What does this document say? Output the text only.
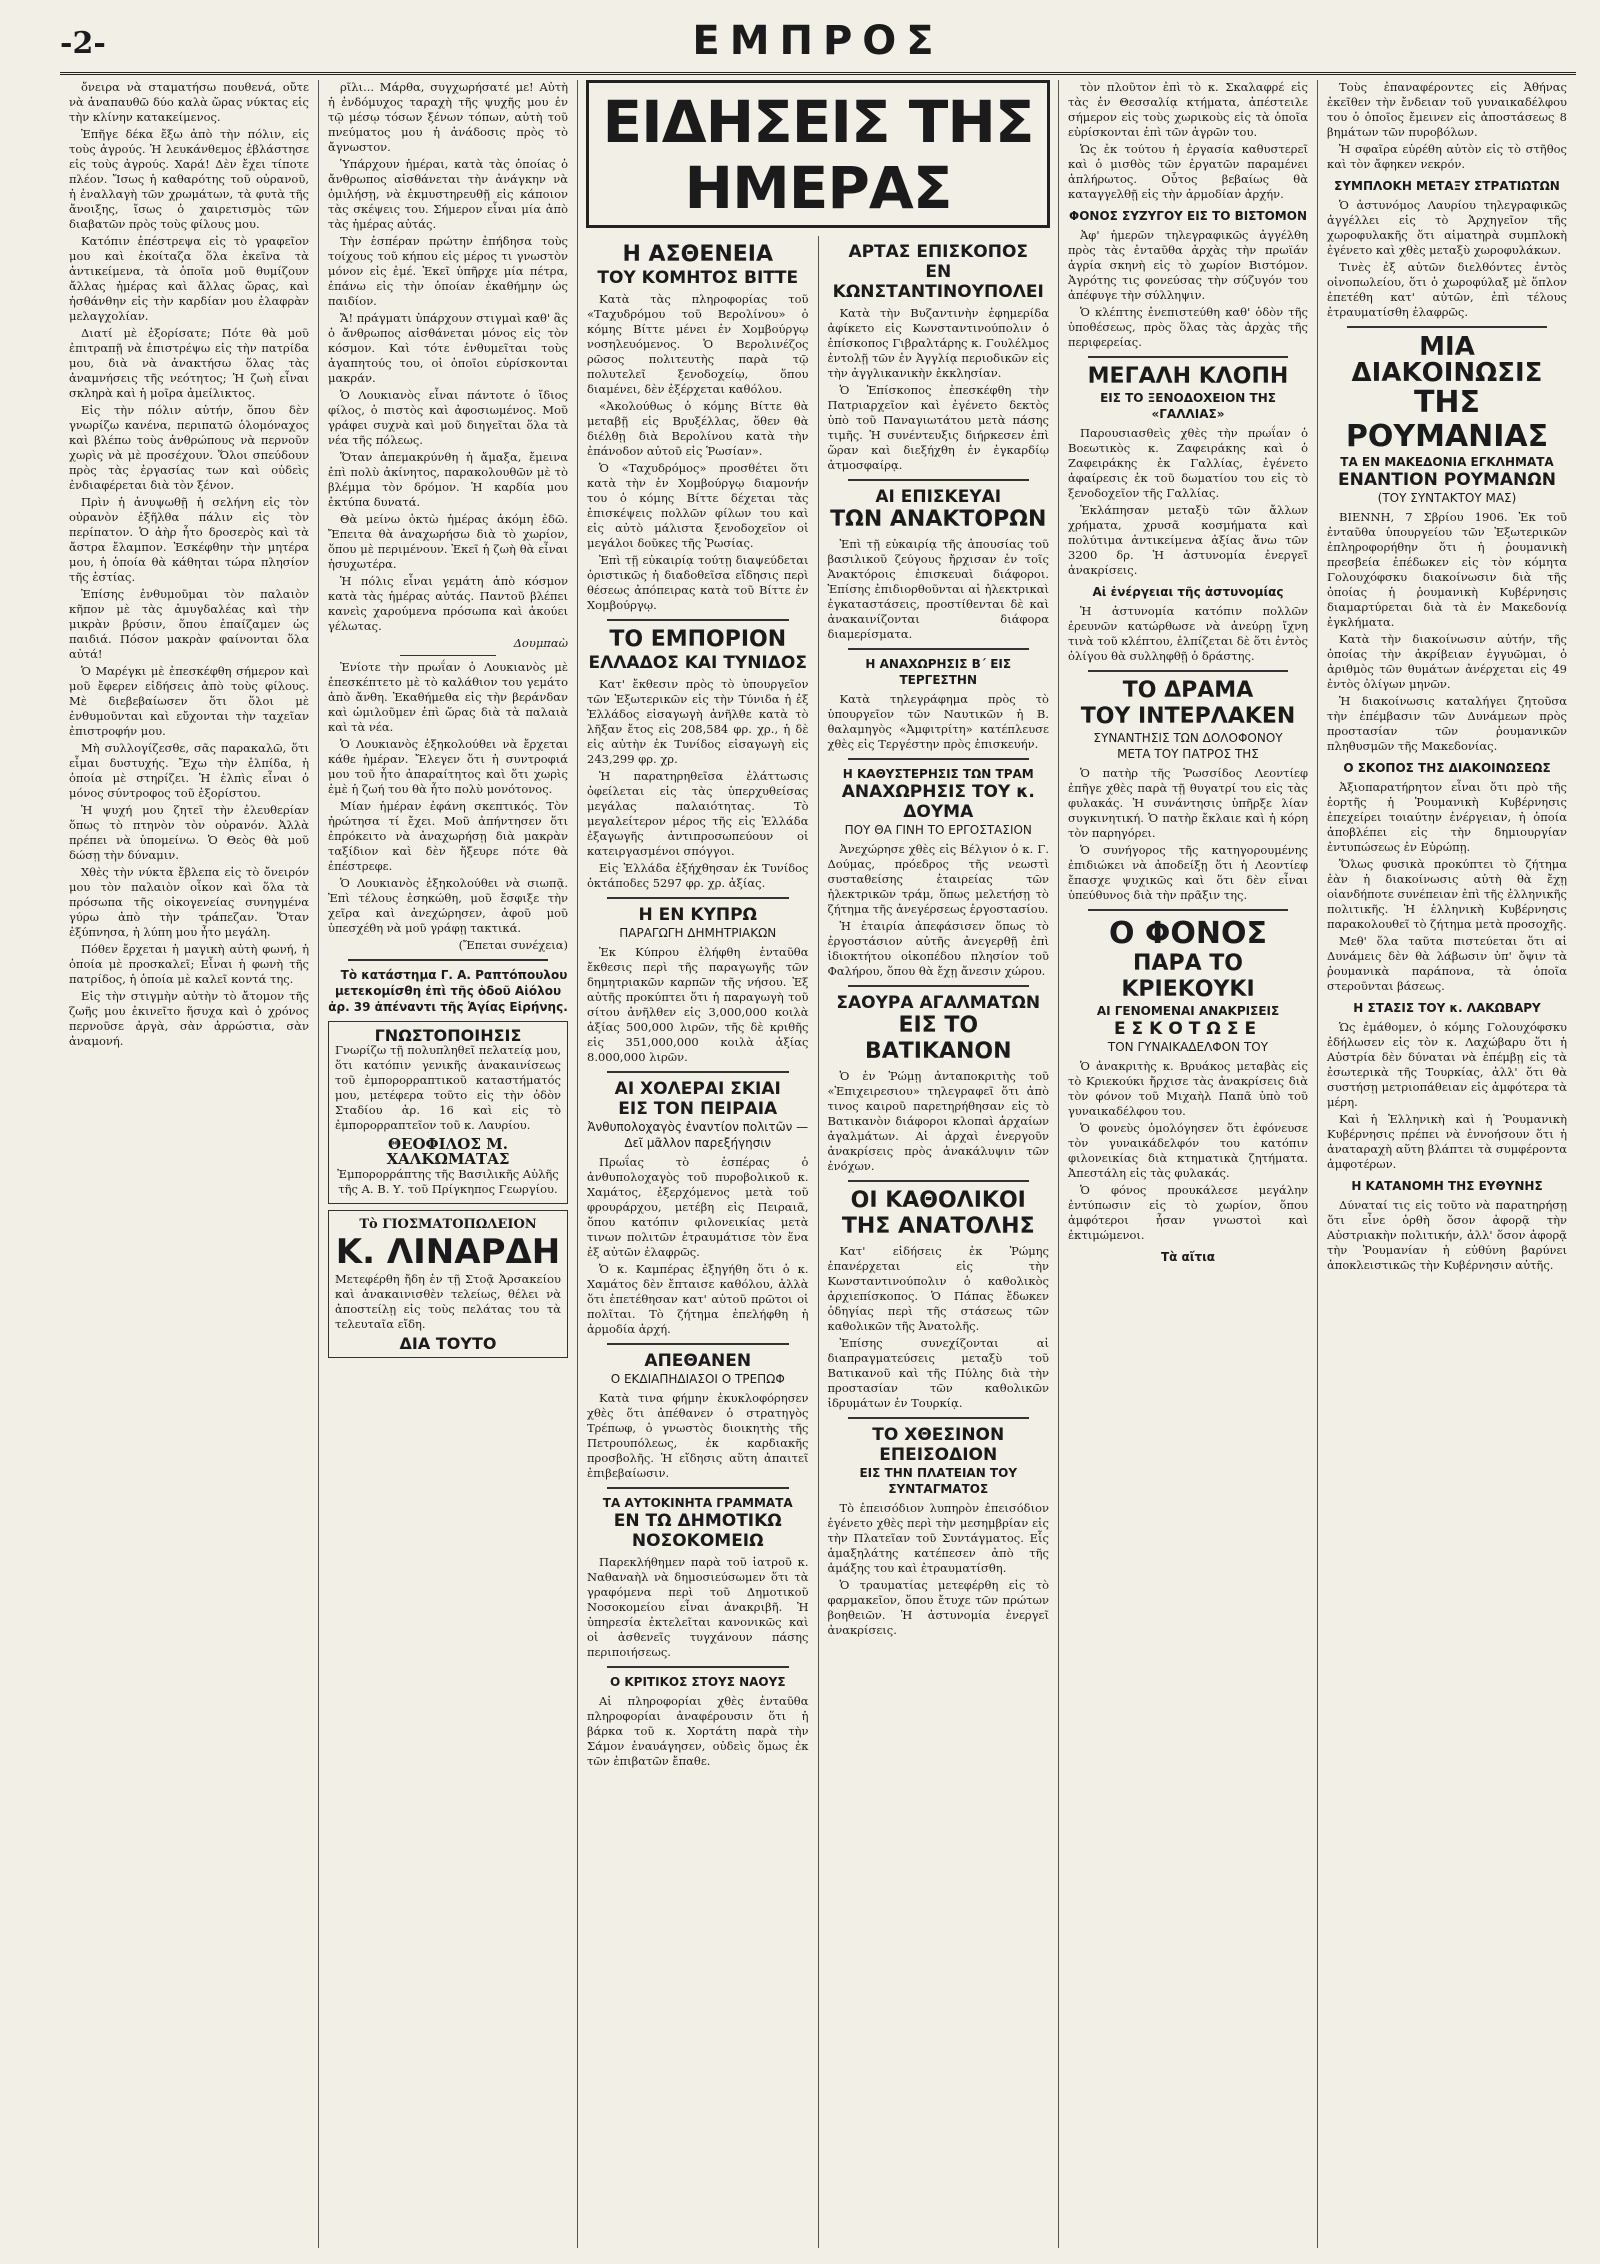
-2-	ΕΜΠΡΟΣ

ὄνειρα νὰ σταματήσω πουθενά, οὔτε νὰ ἀναπαυθῶ δύο καλὰ ὥρας νύκτας εἰς τὴν κλίνην κατακείμενος.

Ἐπῆγε δέκα ἔξω ἀπὸ τὴν πόλιν, εἰς τοὺς ἀγρούς. Ἡ λευκάνθεμος ἐβλάστησε εἰς τοὺς ἀγρούς. Χαρά! Δὲν ἔχει τίποτε πλέον. Ἴσως ἡ καθαρότης τοῦ οὐρανοῦ, ἡ ἐναλλαγὴ τῶν χρωμάτων, τὰ φυτὰ τῆς ἄνοιξης, ἴσως ὁ χαιρετισμὸς τῶν διαβατῶν πρὸς τοὺς φίλους μου.

Κατόπιν ἐπέστρεψα εἰς τὸ γραφεῖον μου καὶ ἐκοίταζα ὅλα ἐκεῖνα τὰ ἀντικείμενα, τὰ ὁποῖα μοῦ θυμίζουν ἄλλας ἡμέρας καὶ ἄλλας ὥρας, καὶ ἠσθάνθην εἰς τὴν καρδίαν μου ἐλαφρὰν μελαγχολίαν.

Διατί μὲ ἐξορίσατε; Πότε θὰ μοῦ ἐπιτραπῇ νὰ ἐπιστρέψω εἰς τὴν πατρίδα μου, διὰ νὰ ἀνακτήσω ὅλας τὰς ἀναμνήσεις τῆς νεότητος; Ἡ ζωὴ εἶναι σκληρὰ καὶ ἡ μοῖρα ἀμείλικτος.

Εἰς τὴν πόλιν αὐτήν, ὅπου δὲν γνωρίζω κανένα, περιπατῶ ὁλομόναχος καὶ βλέπω τοὺς ἀνθρώπους νὰ περνοῦν χωρὶς νὰ μὲ προσέχουν. Ὅλοι σπεύδουν πρὸς τὰς ἐργασίας των καὶ οὐδεὶς ἐνδιαφέρεται διὰ τὸν ξένον.

Πρὶν ἡ ἀνυψωθῇ ἡ σελήνη εἰς τὸν οὐρανὸν ἐξῆλθα πάλιν εἰς τὸν περίπατον. Ὁ ἀὴρ ἦτο δροσερὸς καὶ τὰ ἄστρα ἔλαμπον. Ἐσκέφθην τὴν μητέρα μου, ἡ ὁποία θὰ κάθηται τώρα πλησίον τῆς ἑστίας.

Ἐπίσης ἐνθυμοῦμαι τὸν παλαιὸν κῆπον μὲ τὰς ἀμυγδαλέας καὶ τὴν μικρὰν βρύσιν, ὅπου ἐπαίζαμεν ὡς παιδιά. Πόσον μακρὰν φαίνονται ὅλα αὐτά!

Ὁ Μαρέγκι μὲ ἐπεσκέφθη σήμερον καὶ μοῦ ἔφερεν εἰδήσεις ἀπὸ τοὺς φίλους. Μὲ διεβεβαίωσεν ὅτι ὅλοι μὲ ἐνθυμοῦνται καὶ εὔχονται τὴν ταχεῖαν ἐπιστροφήν μου.

Μὴ συλλογίζεσθε, σᾶς παρακαλῶ, ὅτι εἶμαι δυστυχής. Ἔχω τὴν ἐλπίδα, ἡ ὁποία μὲ στηρίζει. Ἡ ἐλπὶς εἶναι ὁ μόνος σύντροφος τοῦ ἐξορίστου.

Ἡ ψυχή μου ζητεῖ τὴν ἐλευθερίαν ὅπως τὸ πτηνὸν τὸν οὐρανόν. Ἀλλὰ πρέπει νὰ ὑπομείνω. Ὁ Θεὸς θὰ μοῦ δώσῃ τὴν δύναμιν.

Χθὲς τὴν νύκτα ἔβλεπα εἰς τὸ ὄνειρόν μου τὸν παλαιὸν οἶκον καὶ ὅλα τὰ πρόσωπα τῆς οἰκογενείας συνηγμένα γύρω ἀπὸ τὴν τράπεζαν. Ὅταν ἐξύπνησα, ἡ λύπη μου ἦτο μεγάλη.

Πόθεν ἔρχεται ἡ μαγικὴ αὐτὴ φωνή, ἡ ὁποία μὲ προσκαλεῖ; Εἶναι ἡ φωνὴ τῆς πατρίδος, ἡ ὁποία μὲ καλεῖ κοντά της.

Εἰς τὴν στιγμὴν αὐτὴν τὸ ἄτομον τῆς ζωῆς μου ἐκινεῖτο ἥσυχα καὶ ὁ χρόνος περνοῦσε ἀργὰ, σὰν ἀρρώστια, σὰν ἀναμονή.

ρῖλι... Μάρθα, συγχωρήσατέ με! Αὐτὴ ἡ ἐνδόμυχος ταραχὴ τῆς ψυχῆς μου ἐν τῷ μέσῳ τόσων ξένων τόπων, αὐτὴ τοῦ πνεύματος μου ἡ ἀνάδοσις πρὸς τὸ ἄγνωστον.

Ὑπάρχουν ἡμέραι, κατὰ τὰς ὁποίας ὁ ἄνθρωπος αἰσθάνεται τὴν ἀνάγκην νὰ ὁμιλήσῃ, νὰ ἐκμυστηρευθῇ εἰς κάποιον τὰς σκέψεις του. Σήμερον εἶναι μία ἀπὸ τὰς ἡμέρας αὐτάς.

Τὴν ἑσπέραν πρώτην ἐπήδησα τοὺς τοίχους τοῦ κήπου εἰς μέρος τι γνωστὸν μόνον εἰς ἐμέ. Ἐκεῖ ὑπῆρχε μία πέτρα, ἐπάνω εἰς τὴν ὁποίαν ἐκαθήμην ὡς παιδίον.

Ἄ! πράγματι ὑπάρχουν στιγμαὶ καθ' ἃς ὁ ἄνθρωπος αἰσθάνεται μόνος εἰς τὸν κόσμον. Καὶ τότε ἐνθυμεῖται τοὺς ἀγαπητούς του, οἱ ὁποῖοι εὑρίσκονται μακράν.

Ὁ Λουκιανὸς εἶναι πάντοτε ὁ ἴδιος φίλος, ὁ πιστὸς καὶ ἀφοσιωμένος. Μοῦ γράφει συχνὰ καὶ μοῦ διηγεῖται ὅλα τὰ νέα τῆς πόλεως.

Ὅταν ἀπεμακρύνθη ἡ ἄμαξα, ἔμεινα ἐπὶ πολὺ ἀκίνητος, παρακολουθῶν μὲ τὸ βλέμμα τὸν δρόμον. Ἡ καρδία μου ἐκτύπα δυνατά.

Θὰ μείνω ὀκτὼ ἡμέρας ἀκόμη ἐδῶ. Ἔπειτα θὰ ἀναχωρήσω διὰ τὸ χωρίον, ὅπου μὲ περιμένουν. Ἐκεῖ ἡ ζωὴ θὰ εἶναι ἡσυχωτέρα.

Ἡ πόλις εἶναι γεμάτη ἀπὸ κόσμον κατὰ τὰς ἡμέρας αὐτάς. Παντοῦ βλέπει κανεὶς χαρούμενα πρόσωπα καὶ ἀκούει γέλωτας.

Δουμπαὼ

Ἐνίοτε τὴν πρωΐαν ὁ Λουκιανὸς μὲ ἐπεσκέπτετο μὲ τὸ καλάθιον του γεμάτο ἀπὸ ἄνθη. Ἐκαθήμεθα εἰς τὴν βεράνδαν καὶ ὡμιλοῦμεν ἐπὶ ὥρας διὰ τὰ παλαιὰ καὶ τὰ νέα.

Ὁ Λουκιανὸς ἐξηκολούθει νὰ ἔρχεται κάθε ἡμέραν. Ἔλεγεν ὅτι ἡ συντροφιά μου τοῦ ἦτο ἀπαραίτητος καὶ ὅτι χωρὶς ἐμὲ ἡ ζωή του θὰ ἦτο πολὺ μονότονος.

Μίαν ἡμέραν ἐφάνη σκεπτικός. Τὸν ἠρώτησα τί ἔχει. Μοῦ ἀπήντησεν ὅτι ἐπρόκειτο νὰ ἀναχωρήσῃ διὰ μακρὰν ταξίδιον καὶ δὲν ἤξευρε πότε θὰ ἐπέστρεφε.

Ὁ Λουκιανὸς ἐξηκολούθει νὰ σιωπᾷ. Ἐπὶ τέλους ἐσηκώθη, μοῦ ἔσφιξε τὴν χεῖρα καὶ ἀνεχώρησεν, ἀφοῦ μοῦ ὑπεσχέθη νὰ μοῦ γράφῃ τακτικά.

(Ἔπεται συνέχεια)

Τὸ κατάστημα Γ. Α. Ραπτόπουλου μετεκομίσθη ἐπὶ τῆς ὁδοῦ Αἰόλου ἀρ. 39 ἀπέναντι τῆς Ἁγίας Εἰρήνης.

ΓΝΩΣΤΟΠΟΙΗΣΙΣ
Γνωρίζω τῇ πολυπληθεῖ πελατείᾳ μου, ὅτι κατόπιν γενικῆς ἀνακαινίσεως τοῦ ἐμπορορραπτικοῦ καταστήματός μου, μετέφερα τοῦτο εἰς τὴν ὁδὸν Σταδίου ἀρ. 16 καὶ εἰς τὸ ἐμπορορραπτεῖον τοῦ κ. Λαυρίου.
ΘΕΟΦΙΛΟΣ Μ. ΧΑΛΚΩΜΑΤΑΣ
Ἐμπορορράπτης τῆς Βασιλικῆς Αὐλῆς τῆς Α. Β. Υ. τοῦ Πρίγκηπος Γεωργίου.
Τὸ ΓΙΟΣΜΑΤΟΠΩΛΕΙΟΝ
Κ. ΛΙΝΑΡΔΗ
Μετεφέρθη ἤδη ἐν τῇ Στοᾷ Ἀρσακείου καὶ ἀνακαινισθὲν τελείως, θέλει νὰ ἀποστείλῃ εἰς τοὺς πελάτας του τὰ τελευταῖα εἴδη.
ΔΙΑ ΤΟΥΤΟ
ΕΙΔΗΣΕΙΣ ΤΗΣ ΗΜΕΡΑΣ
Η ΑΣΘΕΝΕΙΑ
ΤΟΥ ΚΟΜΗΤΟΣ ΒΙΤΤΕ

Κατὰ τὰς πληροφορίας τοῦ «Ταχυδρόμου τοῦ Βερολίνου» ὁ κόμης Βίττε μένει ἐν Χομβούργῳ νοσηλευόμενος. Ὁ Βερολινέζος ρῶσος πολιτευτὴς παρὰ τῷ πολυτελεῖ ξενοδοχείῳ, ὅπου διαμένει, δὲν ἐξέρχεται καθόλου.

«Ἀκολούθως ὁ κόμης Βίττε θὰ μεταβῇ εἰς Βρυξέλλας, ὅθεν θὰ διέλθῃ διὰ Βερολίνου κατὰ τὴν ἐπάνοδον αὐτοῦ εἰς Ῥωσίαν».

Ὁ «Ταχυδρόμος» προσθέτει ὅτι κατὰ τὴν ἐν Χομβούργῳ διαμονήν του ὁ κόμης Βίττε δέχεται τὰς ἐπισκέψεις πολλῶν φίλων του καὶ εἰς αὐτὸ μάλιστα ξενοδοχεῖον οἱ μεγάλοι δοῦκες τῆς Ῥωσίας.

Ἐπὶ τῇ εὐκαιρίᾳ τούτῃ διαψεύδεται ὁριστικῶς ἡ διαδοθεῖσα εἴδησις περὶ θέσεως ἀπόπειρας κατὰ τοῦ Βίττε ἐν Χομβούργῳ.

ΤΟ ΕΜΠΟΡΙΟΝ
ΕΛΛΑΔΟΣ ΚΑΙ ΤΥΝΙΔΟΣ

Κατ' ἔκθεσιν πρὸς τὸ ὑπουργεῖον τῶν Ἐξωτερικῶν εἰς τὴν Τύνιδα ἡ ἐξ Ἑλλάδος εἰσαγωγὴ ἀνῆλθε κατὰ τὸ λῆξαν ἔτος εἰς 208,584 φρ. χρ., ἡ δὲ εἰς αὐτὴν ἐκ Τυνίδος εἰσαγωγὴ εἰς 243,299 φρ. χρ.

Ἡ παρατηρηθεῖσα ἐλάττωσις ὀφείλεται εἰς τὰς ὑπερχυθείσας μεγάλας παλαιότητας. Τὸ μεγαλείτερον μέρος τῆς εἰς Ἑλλάδα ἐξαγωγῆς ἀντιπροσωπεύουν οἱ κατειργασμένοι σπόγγοι.

Εἰς Ἑλλάδα ἐξήχθησαν ἐκ Τυνίδος ὀκτάποδες 5297 φρ. χρ. ἀξίας.

Η ΕΝ ΚΥΠΡΩ
ΠΑΡΑΓΩΓΗ ΔΗΜΗΤΡΙΑΚΩΝ

Ἐκ Κύπρου ἐλήφθη ἐνταῦθα ἔκθεσις περὶ τῆς παραγωγῆς τῶν δημητριακῶν καρπῶν τῆς νήσου. Ἐξ αὐτῆς προκύπτει ὅτι ἡ παραγωγὴ τοῦ σίτου ἀνῆλθεν εἰς 3,000,000 κοιλὰ ἀξίας 500,000 λιρῶν, τῆς δὲ κριθῆς εἰς 351,000,000 κοιλὰ ἀξίας 8.000,000 λιρῶν.

ΑΙ ΧΟΛΕΡΑΙ ΣΚΙΑΙ
ΕΙΣ ΤΟΝ ΠΕΙΡΑΙΑ
Ἀνθυπολοχαγὸς ἐναντίον πολιτῶν — Δεῖ μᾶλλον παρεξήγησιν

Πρωΐας τὸ ἑσπέρας ὁ ἀνθυπολοχαγὸς τοῦ πυροβολικοῦ κ. Χαμάτος, ἐξερχόμενος μετὰ τοῦ φρουράρχου, μετέβη εἰς Πειραιᾶ, ὅπου κατόπιν φιλονεικίας μετὰ τινων πολιτῶν ἐτραυμάτισε τὸν ἕνα ἐξ αὐτῶν ἐλαφρῶς.

Ὁ κ. Καμπέρας ἐξηγήθη ὅτι ὁ κ. Χαμάτος δὲν ἔπταισε καθόλου, ἀλλὰ ὅτι ἐπετέθησαν κατ' αὐτοῦ πρῶτοι οἱ πολῖται. Τὸ ζήτημα ἐπελήφθη ἡ ἀρμοδία ἀρχή.

ΑΠΕΘΑΝΕΝ
Ο ΕΚΔΙΑΠΗΔΙΑΣΟΙ Ο ΤΡΕΠΩΦ

Κατὰ τινα φήμην ἐκυκλοφόρησεν χθὲς ὅτι ἀπέθανεν ὁ στρατηγὸς Τρέπωφ, ὁ γνωστὸς διοικητὴς τῆς Πετρουπόλεως, ἐκ καρδιακῆς προσβολῆς. Ἡ εἴδησις αὕτη ἀπαιτεῖ ἐπιβεβαίωσιν.

ΤΑ ΑΥΤΟΚΙΝΗΤΑ ΓΡΑΜΜΑΤΑ
ΕΝ ΤΩ ΔΗΜΟΤΙΚΩ ΝΟΣΟΚΟΜΕΙΩ

Παρεκλήθημεν παρὰ τοῦ ἰατροῦ κ. Ναθαναὴλ νὰ δημοσιεύσωμεν ὅτι τὰ γραφόμενα περὶ τοῦ Δημοτικοῦ Νοσοκομείου εἶναι ἀνακριβῆ. Ἡ ὑπηρεσία ἐκτελεῖται κανονικῶς καὶ οἱ ἀσθενεῖς τυγχάνουν πάσης περιποιήσεως.

Ο ΚΡΙΤΙΚΟΣ ΣΤΟΥΣ ΝΑΟΥΣ

Αἱ πληροφορίαι χθὲς ἐνταῦθα πληροφορίαι ἀναφέρουσιν ὅτι ἡ βάρκα τοῦ κ. Χορτάτη παρὰ τὴν Σάμον ἐναυάγησεν, οὐδεὶς ὅμως ἐκ τῶν ἐπιβατῶν ἔπαθε.

ΑΡΤΑΣ ΕΠΙΣΚΟΠΟΣ
ΕΝ ΚΩΝΣΤΑΝΤΙΝΟΥΠΟΛΕΙ

Κατὰ τὴν Βυζαντινὴν ἐφημερίδα ἀφίκετο εἰς Κωνσταντινούπολιν ὁ ἐπίσκοπος Γιβραλτάρης κ. Γουλέλμος ἐντολῇ τῶν ἐν Ἀγγλίᾳ περιοδικῶν εἰς τὴν ἀγγλικανικὴν ἐκκλησίαν.

Ὁ Ἐπίσκοπος ἐπεσκέφθη τὴν Πατριαρχεῖον καὶ ἐγένετο δεκτὸς ὑπὸ τοῦ Παναγιωτάτου μετὰ πάσης τιμῆς. Ἡ συνέντευξις διήρκεσεν ἐπὶ ὥραν καὶ διεξήχθη ἐν ἐγκαρδίῳ ἀτμοσφαίρᾳ.

ΑΙ ΕΠΙΣΚΕΥΑΙ
ΤΩΝ ΑΝΑΚΤΟΡΩΝ

Ἐπὶ τῇ εὐκαιρίᾳ τῆς ἀπουσίας τοῦ βασιλικοῦ ζεύγους ἤρχισαν ἐν τοῖς Ἀνακτόροις ἐπισκευαὶ διάφοροι. Ἐπίσης ἐπιδιορθοῦνται αἱ ἠλεκτρικαὶ ἐγκαταστάσεις, προστίθενται δὲ καὶ ἀνακαινίζονται διάφορα διαμερίσματα.

Η ΑΝΑΧΩΡΗΣΙΣ Β΄ ΕΙΣ ΤΕΡΓΕΣΤΗΝ

Κατὰ τηλεγράφημα πρὸς τὸ ὑπουργεῖον τῶν Ναυτικῶν ἡ Β. θαλαμηγὸς «Ἀμφιτρίτη» κατέπλευσε χθὲς εἰς Τεργέστην πρὸς ἐπισκευήν.

Η ΚΑΘΥΣΤΕΡΗΣΙΣ ΤΩΝ ΤΡΑΜ
ΑΝΑΧΩΡΗΣΙΣ ΤΟΥ κ. ΔΟΥΜΑ
ΠΟΥ ΘΑ ΓΙΝΗ ΤΟ ΕΡΓΟΣΤΑΣΙΟΝ

Ἀνεχώρησε χθὲς εἰς Βέλγιον ὁ κ. Γ. Δούμας, πρόεδρος τῆς νεωστὶ συσταθείσης ἑταιρείας τῶν ἠλεκτρικῶν τράμ, ὅπως μελετήσῃ τὸ ζήτημα τῆς ἀνεγέρσεως ἐργοστασίου.

Ἡ ἑταιρία ἀπεφάσισεν ὅπως τὸ ἐργοστάσιον αὐτῆς ἀνεγερθῇ ἐπὶ ἰδιοκτήτου οἰκοπέδου πλησίον τοῦ Φαλήρου, ὅπου θὰ ἔχῃ ἄνεσιν χώρου.

ΣΑΟΥΡΑ ΑΓΑΛΜΑΤΩΝ
ΕΙΣ ΤΟ ΒΑΤΙΚΑΝΟΝ

Ὁ ἐν Ῥώμῃ ἀνταποκριτὴς τοῦ «Ἐπιχειρεσιου» τηλεγραφεῖ ὅτι ἀπὸ τινος καιροῦ παρετηρήθησαν εἰς τὸ Βατικανὸν διάφοροι κλοπαὶ ἀρχαίων ἀγαλμάτων. Αἱ ἀρχαὶ ἐνεργοῦν ἀνακρίσεις πρὸς ἀνακάλυψιν τῶν ἐνόχων.

ΟΙ ΚΑΘΟΛΙΚΟΙ
ΤΗΣ ΑΝΑΤΟΛΗΣ

Κατ' εἰδήσεις ἐκ Ῥώμης ἐπανέρχεται εἰς τὴν Κωνσταντινούπολιν ὁ καθολικὸς ἀρχιεπίσκοπος. Ὁ Πάπας ἔδωκεν ὁδηγίας περὶ τῆς στάσεως τῶν καθολικῶν τῆς Ἀνατολῆς.

Ἐπίσης συνεχίζονται αἱ διαπραγματεύσεις μεταξὺ τοῦ Βατικανοῦ καὶ τῆς Πύλης διὰ τὴν προστασίαν τῶν καθολικῶν ἱδρυμάτων ἐν Τουρκίᾳ.

ΤΟ ΧΘΕΣΙΝΟΝ ΕΠΕΙΣΟΔΙΟΝ
ΕΙΣ ΤΗΝ ΠΛΑΤΕΙΑΝ ΤΟΥ ΣΥΝΤΑΓΜΑΤΟΣ

Τὸ ἐπεισόδιον λυπηρὸν ἐπεισόδιον ἐγένετο χθὲς περὶ τὴν μεσημβρίαν εἰς τὴν Πλατεῖαν τοῦ Συντάγματος. Εἷς ἁμαξηλάτης κατέπεσεν ἀπὸ τῆς ἁμάξης του καὶ ἐτραυματίσθη.

Ὁ τραυματίας μετεφέρθη εἰς τὸ φαρμακεῖον, ὅπου ἔτυχε τῶν πρώτων βοηθειῶν. Ἡ ἀστυνομία ἐνεργεῖ ἀνακρίσεις.

τὸν πλοῦτον ἐπὶ τὸ κ. Σκαλαφρέ εἰς τὰς ἐν Θεσσαλίᾳ κτήματα, ἀπέστειλε σήμερον εἰς τοὺς χωρικοὺς εἰς τὰ ὁποῖα εὑρίσκονται ἐπὶ τῶν ἀγρῶν του.

Ὡς ἐκ τούτου ἡ ἐργασία καθυστερεῖ καὶ ὁ μισθὸς τῶν ἐργατῶν παραμένει ἀπλήρωτος. Οὗτος βεβαίως θὰ καταγγελθῇ εἰς τὴν ἀρμοδίαν ἀρχήν.

ΦΟΝΟΣ ΣΥΖΥΓΟΥ ΕΙΣ ΤΟ ΒΙΣΤΟΜΟΝ

Ἀφ' ἡμερῶν τηλεγραφικῶς ἀγγέλθη πρὸς τὰς ἐνταῦθα ἀρχὰς τὴν πρωϊάν ἀγρία σκηνὴ εἰς τὸ χωρίον Βιστόμον. Ἀγρότης τις φονεύσας τὴν σύζυγόν του ἀπέφυγε τὴν σύλληψιν.

Ὁ κλέπτης ἐνεπιστεύθη καθ' ὁδὸν τῆς ὑποθέσεως, πρὸς ὅλας τὰς ἀρχὰς τῆς περιφερείας.

ΜΕΓΑΛΗ ΚΛΟΠΗ
ΕΙΣ ΤΟ ΞΕΝΟΔΟΧΕΙΟΝ ΤΗΣ «ΓΑΛΛΙΑΣ»

Παρουσιασθεὶς χθὲς τὴν πρωΐαν ὁ Βοεωτικὸς κ. Ζαφειράκης καὶ ὁ Ζαφειράκης ἐκ Γαλλίας, ἐγένετο ἀφαίρεσις ἐκ τοῦ δωματίου του εἰς τὸ ξενοδοχεῖον τῆς Γαλλίας.

Ἐκλάπησαν μεταξὺ τῶν ἄλλων χρήματα, χρυσᾶ κοσμήματα καὶ πολύτιμα ἀντικείμενα ἀξίας ἄνω τῶν 3200 δρ. Ἡ ἀστυνομία ἐνεργεῖ ἀνακρίσεις.

Αἱ ἐνέργειαι τῆς ἀστυνομίας

Ἡ ἀστυνομία κατόπιν πολλῶν ἐρευνῶν κατώρθωσε νὰ ἀνεύρῃ ἴχνη τινὰ τοῦ κλέπτου, ἐλπίζεται δὲ ὅτι ἐντὸς ὀλίγου θὰ συλληφθῇ ὁ δράστης.

ΤΟ ΔΡΑΜΑ
ΤΟΥ ΙΝΤΕΡΛΑΚΕΝ
ΣΥΝΑΝΤΗΣΙΣ ΤΩΝ ΔΟΛΟΦΟΝΟΥ
ΜΕΤΑ ΤΟΥ ΠΑΤΡΟΣ ΤΗΣ

Ὁ πατὴρ τῆς Ῥωσσίδος Λεοντίεφ ἐπῆγε χθὲς παρὰ τῇ θυγατρί του εἰς τὰς φυλακάς. Ἡ συνάντησις ὑπῆρξε λίαν συγκινητική. Ὁ πατὴρ ἔκλαιε καὶ ἡ κόρη τὸν παρηγόρει.

Ὁ συνήγορος τῆς κατηγορουμένης ἐπιδιώκει νὰ ἀποδείξῃ ὅτι ἡ Λεοντίεφ ἔπασχε ψυχικῶς καὶ ὅτι δὲν εἶναι ὑπεύθυνος διὰ τὴν πρᾶξιν της.

Ο ΦΟΝΟΣ
ΠΑΡΑ ΤΟ ΚΡΙΕΚΟΥΚΙ
ΑΙ ΓΕΝΟΜΕΝΑΙ ΑΝΑΚΡΙΣΕΙΣ
ΕΣΚΟΤΩΣΕ
ΤΟΝ ΓΥΝΑΙΚΑΔΕΛΦΟΝ ΤΟΥ

Ὁ ἀνακριτὴς κ. Βρυάκος μεταβὰς εἰς τὸ Κριεκούκι ἤρχισε τὰς ἀνακρίσεις διὰ τὸν φόνον τοῦ Μιχαὴλ Παπᾶ ὑπὸ τοῦ γυναικαδέλφου του.

Ὁ φονεὺς ὁμολόγησεν ὅτι ἐφόνευσε τὸν γυναικάδελφόν του κατόπιν φιλονεικίας διὰ κτηματικὰ ζητήματα. Ἀπεστάλη εἰς τὰς φυλακάς.

Ὁ φόνος προυκάλεσε μεγάλην ἐντύπωσιν εἰς τὸ χωρίον, ὅπου ἀμφότεροι ἦσαν γνωστοὶ καὶ ἐκτιμώμενοι.

Τὰ αἴτια

Τοὺς ἐπαναφέροντες εἰς Ἀθήνας ἐκεῖθεν τὴν ἔνδειαν τοῦ γυναικαδέλφου του ὁ ὁποῖος ἔμεινεν εἰς ἀποστάσεως 8 βημάτων τῶν πυροβόλων.

Ἡ σφαῖρα εὑρέθη αὐτὸν εἰς τὸ στῆθος καὶ τὸν ἄφηκεν νεκρόν.

ΣΥΜΠΛΟΚΗ ΜΕΤΑΞΥ ΣΤΡΑΤΙΩΤΩΝ

Ὁ ἀστυνόμος Λαυρίου τηλεγραφικῶς ἀγγέλλει εἰς τὸ Ἀρχηγεῖον τῆς χωροφυλακῆς ὅτι αἱματηρὰ συμπλοκὴ ἐγένετο καὶ χθὲς μεταξὺ χωροφυλάκων.

Τινὲς ἐξ αὐτῶν διελθόντες ἐντὸς οἰνοπωλείου, ὅτι ὁ χωροφύλαξ μὲ ὅπλον ἐπετέθη κατ' αὐτῶν, ἐπὶ τέλους ἐτραυματίσθη ἐλαφρῶς.

ΜΙΑ ΔΙΑΚΟΙΝΩΣΙΣ
ΤΗΣ ΡΟΥΜΑΝΙΑΣ
ΤΑ ΕΝ ΜΑΚΕΔΟΝΙΑ ΕΓΚΛΗΜΑΤΑ
ΕΝΑΝΤΙΟΝ ΡΟΥΜΑΝΩΝ
(ΤΟΥ ΣΥΝΤΑΚΤΟΥ ΜΑΣ)

ΒΙΕΝΝΗ, 7 Σβρίου 1906. Ἐκ τοῦ ἐνταῦθα ὑπουργείου τῶν Ἐξωτερικῶν ἐπληροφορήθην ὅτι ἡ ῥουμανικὴ πρεσβεία ἐπέδωκεν εἰς τὸν κόμητα Γολουχόφσκυ διακοίνωσιν διὰ τῆς ὁποίας ἡ ῥουμανικὴ Κυβέρνησις διαμαρτύρεται διὰ τὰ ἐν Μακεδονίᾳ ἐγκλήματα.

Κατὰ τὴν διακοίνωσιν αὐτήν, τῆς ὁποίας τὴν ἀκρίβειαν ἐγγυῶμαι, ὁ ἀριθμὸς τῶν θυμάτων ἀνέρχεται εἰς 49 ἐντὸς ὀλίγων μηνῶν.

Ἡ διακοίνωσις καταλήγει ζητοῦσα τὴν ἐπέμβασιν τῶν Δυνάμεων πρὸς προστασίαν τῶν ῥουμανικῶν πληθυσμῶν τῆς Μακεδονίας.

Ο ΣΚΟΠΟΣ ΤΗΣ ΔΙΑΚΟΙΝΩΣΕΩΣ

Ἀξιοπαρατήρητον εἶναι ὅτι πρὸ τῆς ἑορτῆς ἡ Ῥουμανικὴ Κυβέρνησις ἐπεχείρει τοιαύτην ἐνέργειαν, ἡ ὁποία ἀποβλέπει εἰς τὴν δημιουργίαν ἐντυπώσεως ἐν Εὐρώπῃ.

Ὅλως φυσικὰ προκύπτει τὸ ζήτημα ἐὰν ἡ διακοίνωσις αὐτὴ θὰ ἔχῃ οἱανδήποτε συνέπειαν ἐπὶ τῆς ἐλληνικῆς πολιτικῆς. Ἡ ἑλληνικὴ Κυβέρνησις παρακολουθεῖ τὸ ζήτημα μετὰ προσοχῆς.

Μεθ' ὅλα ταῦτα πιστεύεται ὅτι αἱ Δυνάμεις δὲν θὰ λάβωσιν ὑπ' ὄψιν τὰ ῥουμανικὰ παράπονα, τὰ ὁποῖα στεροῦνται βάσεως.

Η ΣΤΑΣΙΣ ΤΟΥ κ. ΛΑΚΩΒΑΡΥ

Ὡς ἐμάθομεν, ὁ κόμης Γολουχόφσκυ ἐδήλωσεν εἰς τὸν κ. Λαχώβαρυ ὅτι ἡ Αὐστρία δὲν δύναται νὰ ἐπέμβῃ εἰς τὰ ἐσωτερικὰ τῆς Τουρκίας, ἀλλ' ὅτι θὰ συστήσῃ μετριοπάθειαν εἰς ἀμφότερα τὰ μέρη.

Καὶ ἡ Ἑλληνικὴ καὶ ἡ Ῥουμανικὴ Κυβέρνησις πρέπει νὰ ἐννοήσουν ὅτι ἡ ἀναταραχὴ αὕτη βλάπτει τὰ συμφέροντα ἀμφοτέρων.

Η ΚΑΤΑΝΟΜΗ ΤΗΣ ΕΥΘΥΝΗΣ

Δύναταί τις εἰς τοῦτο νὰ παρατηρήσῃ ὅτι εἶνε ὀρθὴ ὅσον ἀφορᾷ τὴν Αὐστριακὴν πολιτικήν, ἀλλ' ὅσον ἀφορᾷ τὴν Ῥουμανίαν ἡ εὐθύνη βαρύνει ἀποκλειστικῶς τὴν Κυβέρνησιν αὐτῆς.
